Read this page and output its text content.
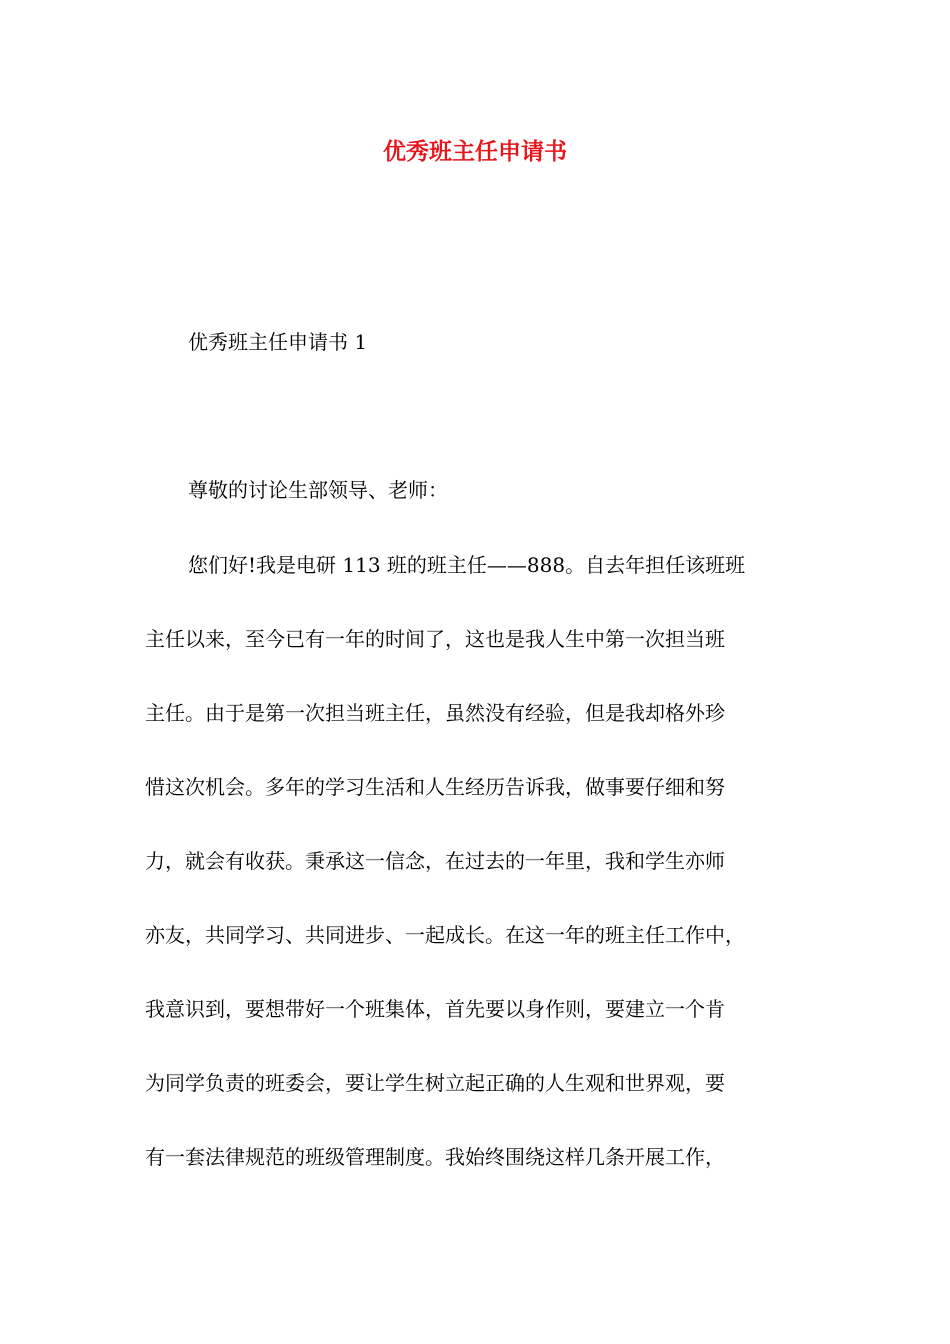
优秀班主任申请书

优秀班主任申请书 1

尊敬的讨论生部领导、老师：

您们好!我是电研 113 班的班主任——888。自去年担任该班班
主任以来，至今已有一年的时间了，这也是我人生中第一次担当班
主任。由于是第一次担当班主任，虽然没有经验，但是我却格外珍
惜这次机会。多年的学习生活和人生经历告诉我，做事要仔细和努
力，就会有收获。秉承这一信念，在过去的一年里，我和学生亦师
亦友，共同学习、共同进步、一起成长。在这一年的班主任工作中，
我意识到，要想带好一个班集体，首先要以身作则，要建立一个肯
为同学负责的班委会，要让学生树立起正确的人生观和世界观，要
有一套法律规范的班级管理制度。我始终围绕这样几条开展工作，
